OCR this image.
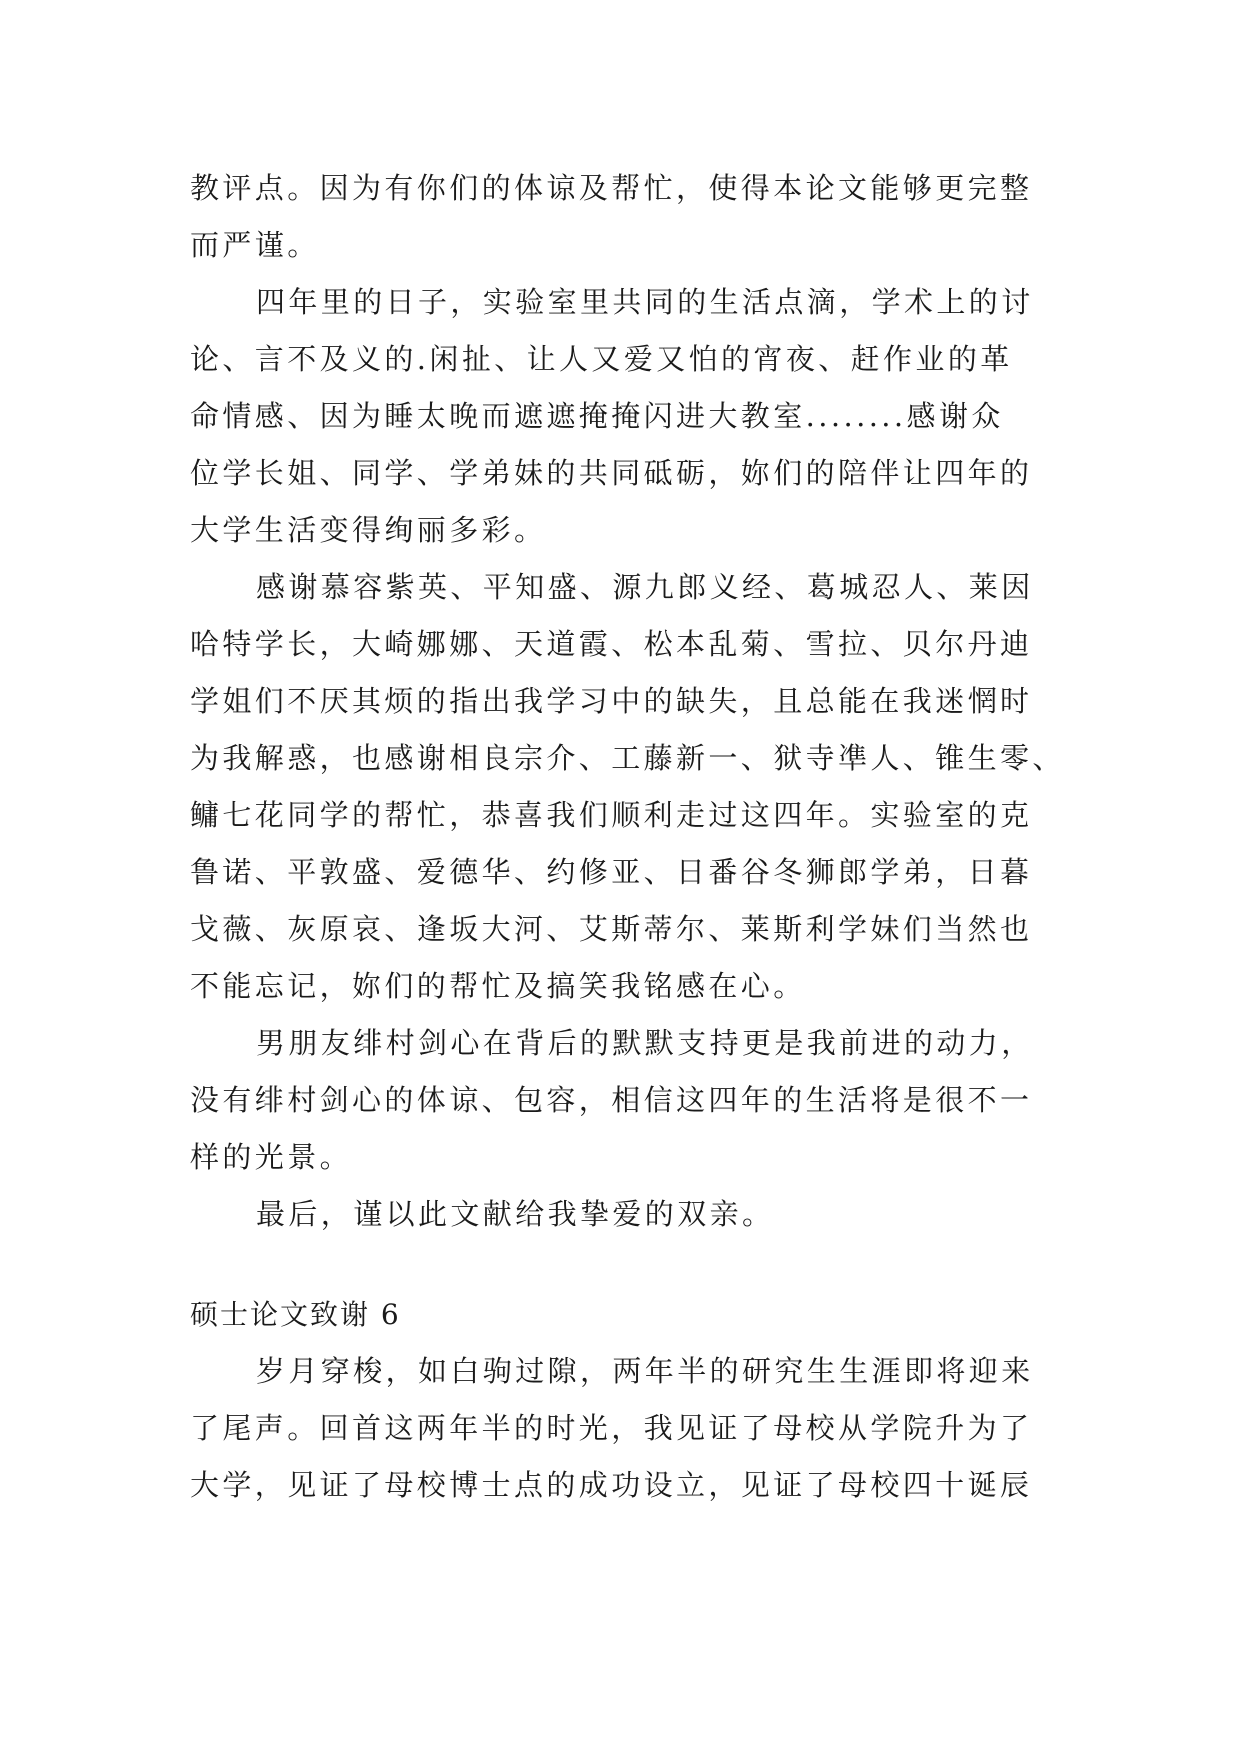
教评点。因为有你们的体谅及帮忙，使得本论文能够更完整
而严谨。
四年里的日子，实验室里共同的生活点滴，学术上的讨
论、言不及义的.闲扯、让人又爱又怕的宵夜、赶作业的革
命情感、因为睡太晚而遮遮掩掩闪进大教室........感谢众
位学长姐、同学、学弟妹的共同砥砺，妳们的陪伴让四年的
大学生活变得绚丽多彩。
感谢慕容紫英、平知盛、源九郎义经、葛城忍人、莱因
哈特学长，大崎娜娜、天道霞、松本乱菊、雪拉、贝尔丹迪
学姐们不厌其烦的指出我学习中的缺失，且总能在我迷惘时
为我解惑，也感谢相良宗介、工藤新一、狱寺凖人、锥生零、
鳙七花同学的帮忙，恭喜我们顺利走过这四年。实验室的克
鲁诺、平敦盛、爱德华、约修亚、日番谷冬狮郎学弟，日暮
戈薇、灰原哀、逢坂大河、艾斯蒂尔、莱斯利学妹们当然也
不能忘记，妳们的帮忙及搞笑我铭感在心。
男朋友绯村剑心在背后的默默支持更是我前进的动力，
没有绯村剑心的体谅、包容，相信这四年的生活将是很不一
样的光景。
最后，谨以此文献给我挚爱的双亲。
硕士论文致谢 6
岁月穿梭，如白驹过隙，两年半的研究生生涯即将迎来
了尾声。回首这两年半的时光，我见证了母校从学院升为了
大学，见证了母校博士点的成功设立，见证了母校四十诞辰
